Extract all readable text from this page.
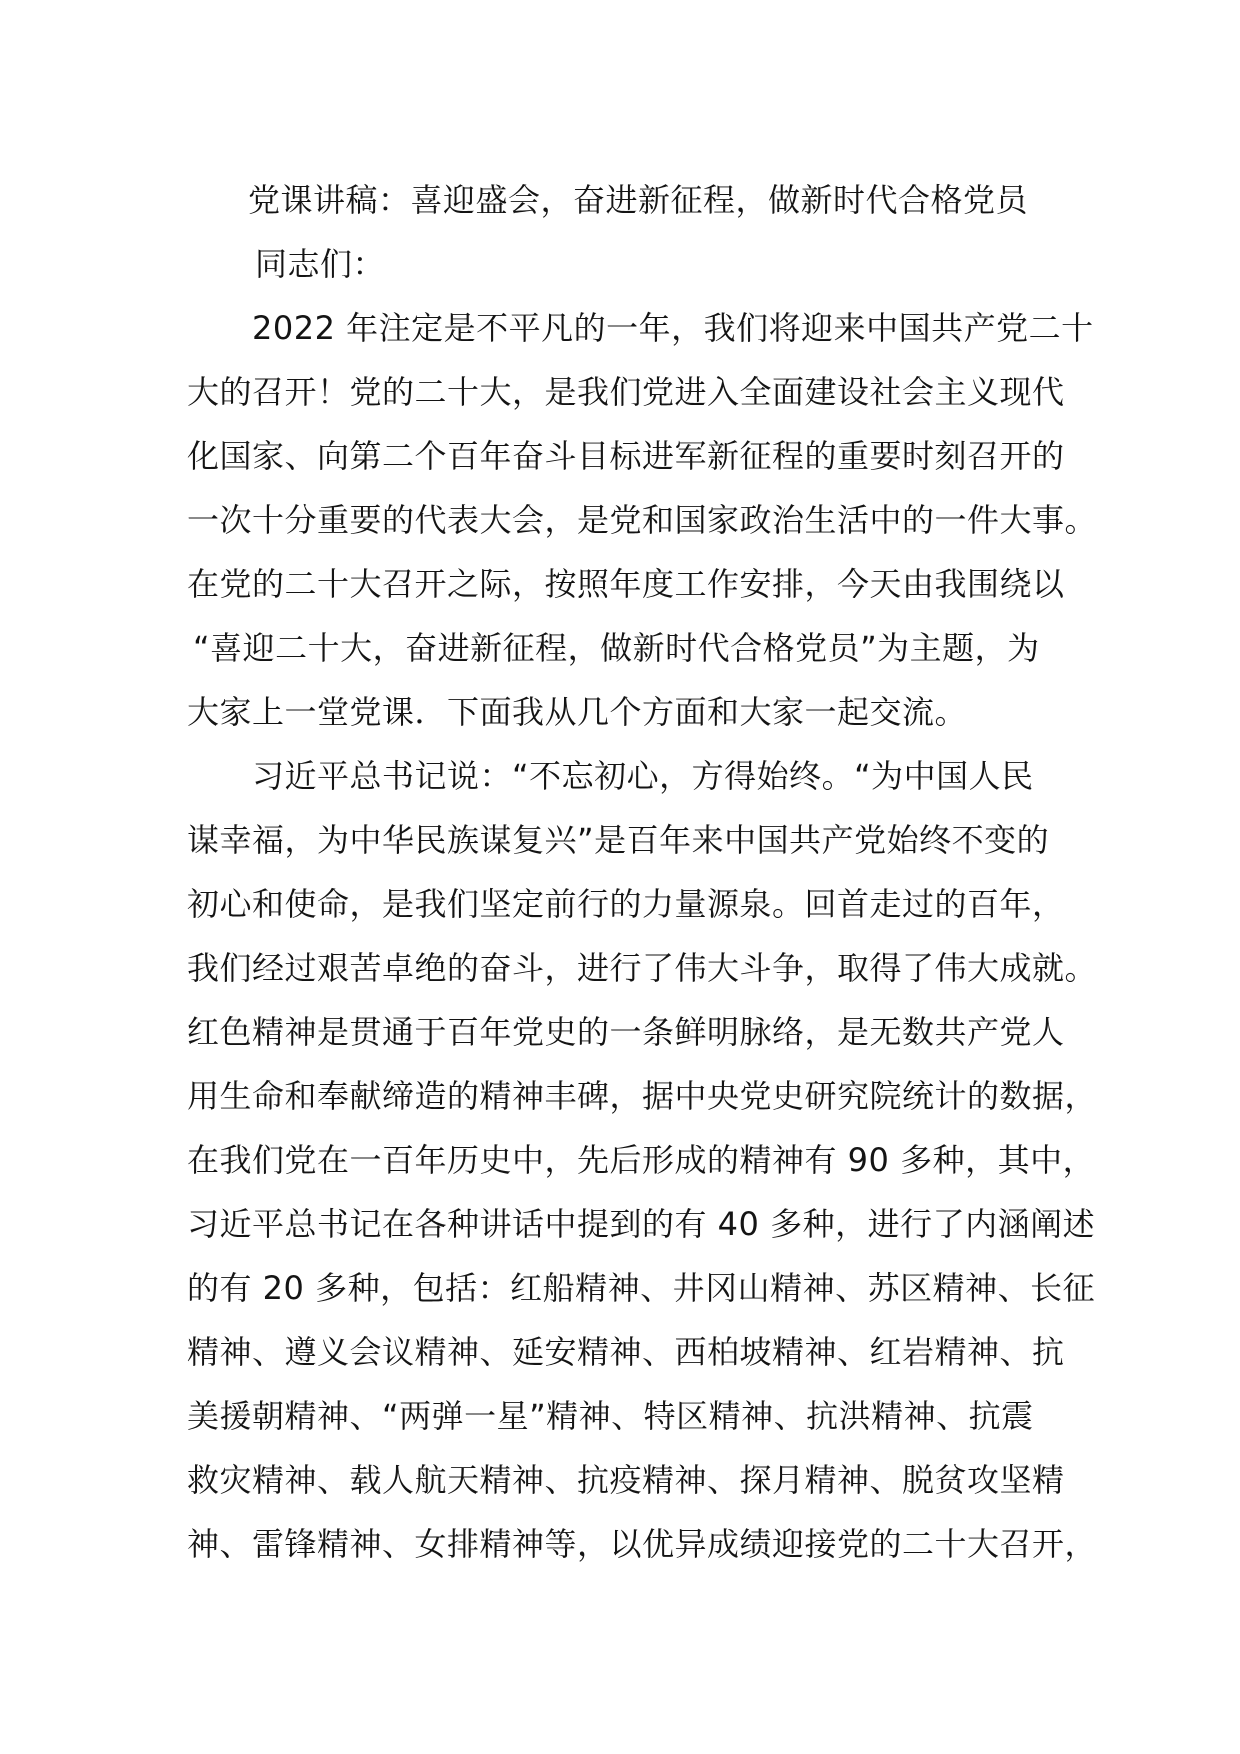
党课讲稿：喜迎盛会，奋进新征程，做新时代合格党员
同志们：
2022 年注定是不平凡的一年，我们将迎来中国共产党二十
大的召开！党的二十大，是我们党进入全面建设社会主义现代
化国家、向第二个百年奋斗目标进军新征程的重要时刻召开的
一次十分重要的代表大会，是党和国家政治生活中的一件大事。
在党的二十大召开之际，按照年度工作安排，今天由我围绕以
“喜迎二十大，奋进新征程，做新时代合格党员”为主题，为
大家上一堂党课．下面我从几个方面和大家一起交流。
习近平总书记说：“不忘初心，方得始终。“为中国人民
谋幸福，为中华民族谋复兴”是百年来中国共产党始终不变的
初心和使命，是我们坚定前行的力量源泉。回首走过的百年，
我们经过艰苦卓绝的奋斗，进行了伟大斗争，取得了伟大成就。
红色精神是贯通于百年党史的一条鲜明脉络，是无数共产党人
用生命和奉献缔造的精神丰碑，据中央党史研究院统计的数据，
在我们党在一百年历史中，先后形成的精神有 90 多种，其中，
习近平总书记在各种讲话中提到的有 40 多种，进行了内涵阐述
的有 20 多种，包括：红船精神、井冈山精神、苏区精神、长征
精神、遵义会议精神、延安精神、西柏坡精神、红岩精神、抗
美援朝精神、“两弹一星”精神、特区精神、抗洪精神、抗震
救灾精神、载人航天精神、抗疫精神、探月精神、脱贫攻坚精
神、雷锋精神、女排精神等，以优异成绩迎接党的二十大召开，
